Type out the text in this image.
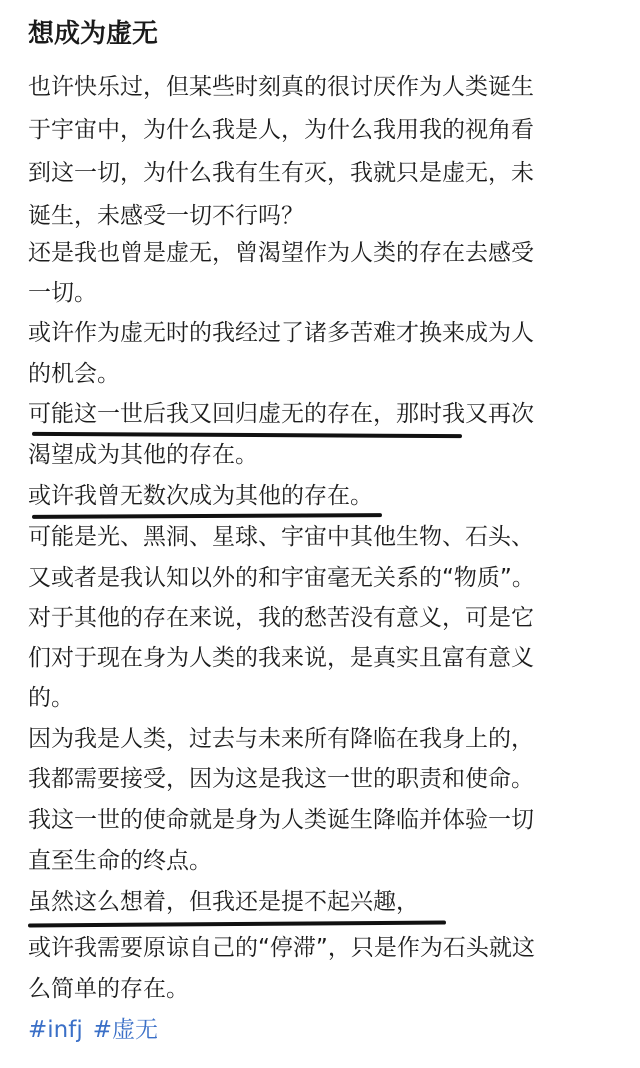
想成为虚无
也许快乐过，但某些时刻真的很讨厌作为人类诞生
于宇宙中，为什么我是人，为什么我用我的视角看
到这一切，为什么我有生有灭，我就只是虚无，未
诞生，未感受一切不行吗？
还是我也曾是虚无，曾渴望作为人类的存在去感受
一切。
或许作为虚无时的我经过了诸多苦难才换来成为人
的机会。
可能这一世后我又回归虚无的存在，那时我又再次
渴望成为其他的存在。
或许我曾无数次成为其他的存在。
可能是光、黑洞、星球、宇宙中其他生物、石头、
又或者是我认知以外的和宇宙毫无关系的“物质”。
对于其他的存在来说，我的愁苦没有意义，可是它
们对于现在身为人类的我来说，是真实且富有意义
的。
因为我是人类，过去与未来所有降临在我身上的，
我都需要接受，因为这是我这一世的职责和使命。
我这一世的使命就是身为人类诞生降临并体验一切
直至生命的终点。
虽然这么想着，但我还是提不起兴趣，
或许我需要原谅自己的“停滞”，只是作为石头就这
么简单的存在。
#infj #虚无
